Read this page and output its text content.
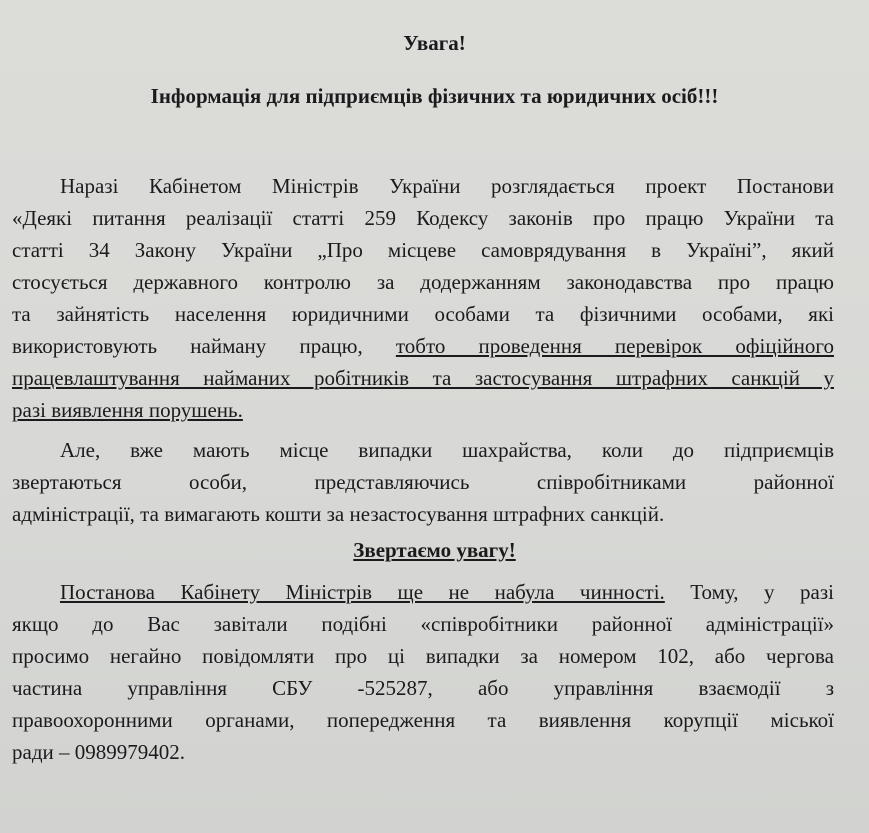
Увага!
Інформація для підприємців фізичних та юридичних осіб!!!
Наразі Кабінетом Міністрів України розглядається проект Постанови
«Деякі питання реалізації статті 259 Кодексу законів про працю України та
статті 34 Закону України „Про місцеве самоврядування в Україні”, який
стосується державного контролю за додержанням законодавства про працю
та зайнятість населення юридичними особами та фізичними особами, які
використовують найману працю, тобто проведення перевірок офіційного
працевлаштування найманих робітників та застосування штрафних санкцій у
разі виявлення порушень.
Але, вже мають місце випадки шахрайства, коли до підприємців
звертаються особи, представляючись співробітниками районної
адміністрації, та вимагають кошти за незастосування штрафних санкцій.
Звертаємо увагу!
Постанова Кабінету Міністрів ще не набула чинності. Тому, у разі
якщо до Вас завітали подібні «співробітники районної адміністрації»
просимо негайно повідомляти про ці випадки за номером 102, або чергова
частина управління СБУ -525287, або управління взаємодії з
правоохоронними органами, попередження та виявлення корупції міської
ради – 0989979402.
